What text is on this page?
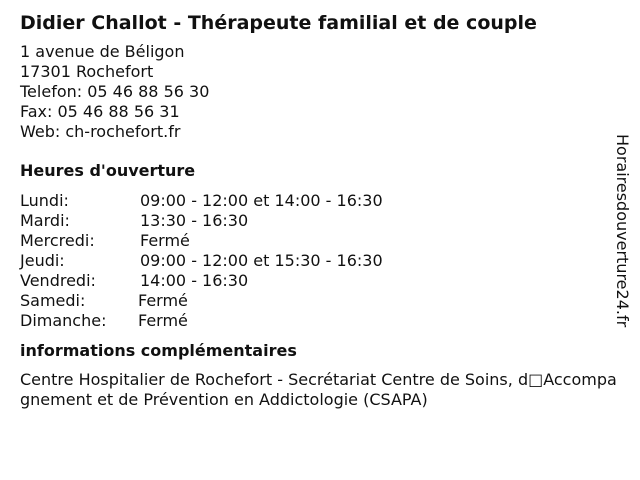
Didier Challot - Thérapeute familial et de couple
1 avenue de Béligon
17301 Rochefort
Telefon: 05 46 88 56 30
Fax: 05 46 88 56 31
Web: ch-rochefort.fr
Heures d'ouverture
Lundi:	09:00 - 12:00 et 14:00 - 16:30
Mardi:	13:30 - 16:30
Mercredi:	Fermé
Jeudi:	09:00 - 12:00 et 15:30 - 16:30
Vendredi:	14:00 - 16:30
Samedi:	Fermé
Dimanche: Fermé
informations complémentaires
Centre Hospitalier de Rochefort - Secrétariat Centre de Soins, d□Accompagnement et de Prévention en Addictologie (CSAPA)
Horairesdouverture24.fr
